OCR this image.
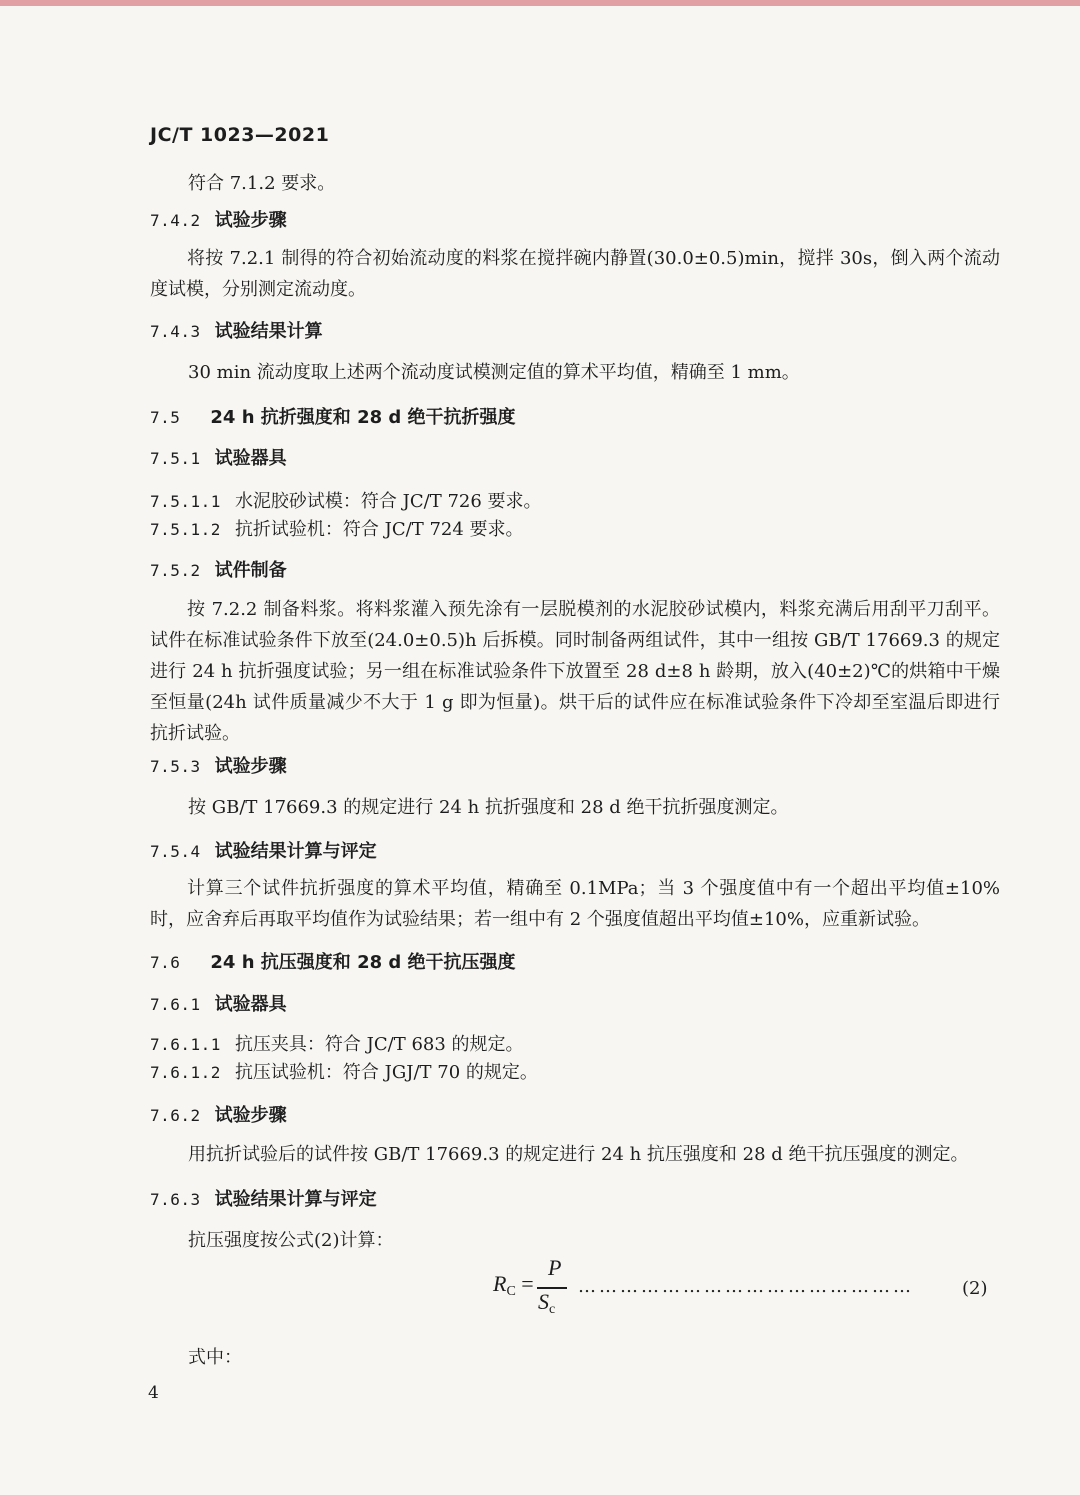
JC/T 1023—2021
符合 7.1.2 要求。
7.4.2 试验步骤

将按 7.2.1 制得的符合初始流动度的料浆在搅拌碗内静置(30.0±0.5)min，搅拌 30s，倒入两个流动度试模，分别测定流动度。

7.4.3 试验结果计算
30 min 流动度取上述两个流动度试模测定值的算术平均值，精确至 1 mm。
7.5 24 h 抗折强度和 28 d 绝干抗折强度
7.5.1 试验器具
7.5.1.1 水泥胶砂试模：符合 JC/T 726 要求。
7.5.1.2 抗折试验机：符合 JC/T 724 要求。
7.5.2 试件制备

按 7.2.2 制备料浆。将料浆灌入预先涂有一层脱模剂的水泥胶砂试模内，料浆充满后用刮平刀刮平。试件在标准试验条件下放至(24.0±0.5)h 后拆模。同时制备两组试件，其中一组按 GB/T 17669.3 的规定进行 24 h 抗折强度试验；另一组在标准试验条件下放置至 28 d±8 h 龄期，放入(40±2)℃的烘箱中干燥至恒量(24h 试件质量减少不大于 1 g 即为恒量)。烘干后的试件应在标准试验条件下冷却至室温后即进行抗折试验。

7.5.3 试验步骤
按 GB/T 17669.3 的规定进行 24 h 抗折强度和 28 d 绝干抗折强度测定。
7.5.4 试验结果计算与评定

计算三个试件抗折强度的算术平均值，精确至 0.1MPa；当 3 个强度值中有一个超出平均值±10%时，应舍弃后再取平均值作为试验结果；若一组中有 2 个强度值超出平均值±10%，应重新试验。

7.6 24 h 抗压强度和 28 d 绝干抗压强度
7.6.1 试验器具
7.6.1.1 抗压夹具：符合 JC/T 683 的规定。
7.6.1.2 抗压试验机：符合 JGJ/T 70 的规定。
7.6.2 试验步骤
用抗折试验后的试件按 GB/T 17669.3 的规定进行 24 h 抗压强度和 28 d 绝干抗压强度的测定。
7.6.3 试验结果计算与评定
抗压强度按公式(2)计算：
$R_C$ =
P
$S_c$
…………………………………………	(2)
式中：
4
